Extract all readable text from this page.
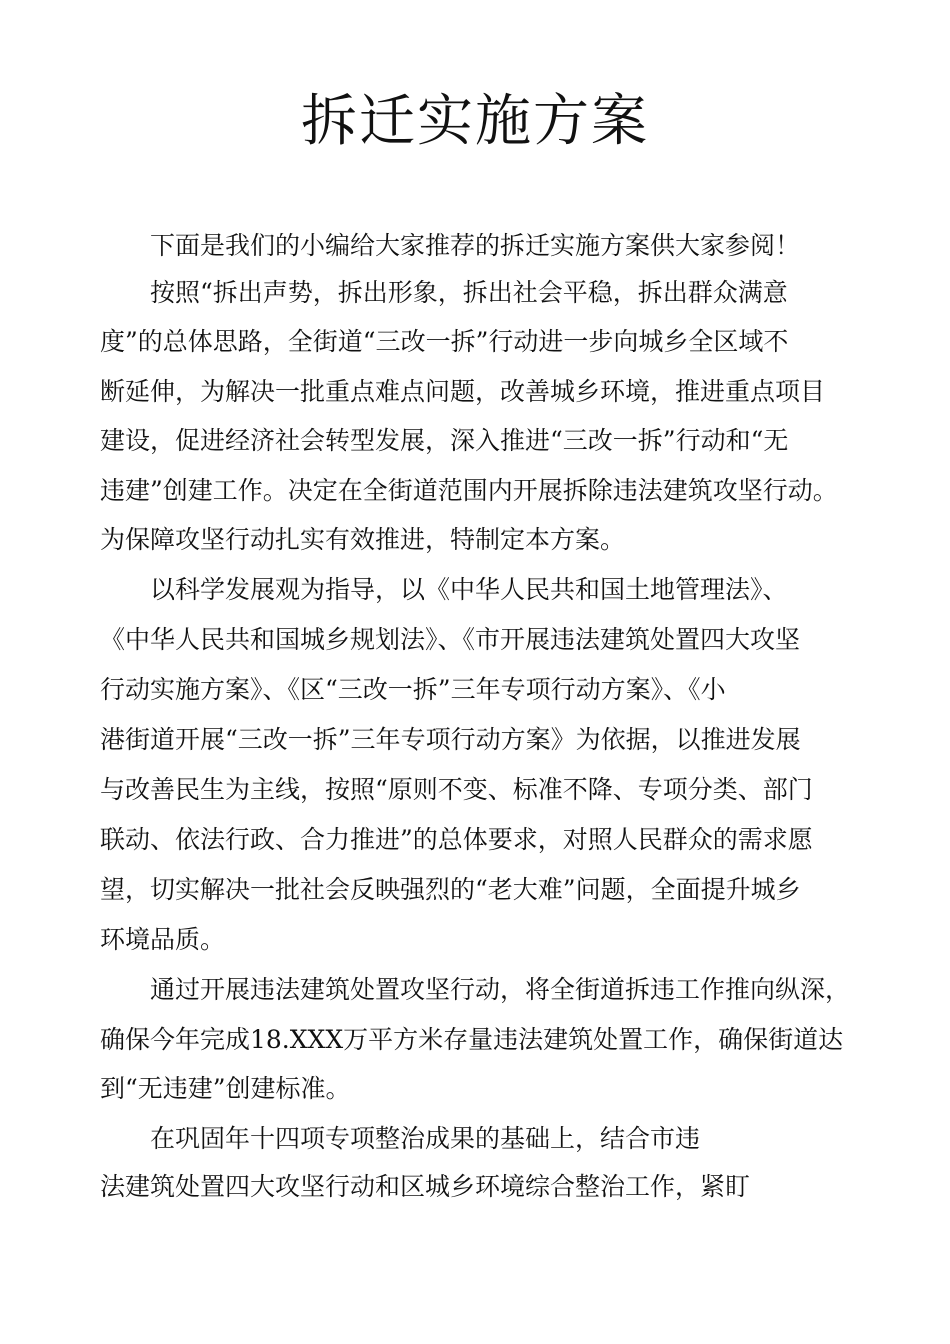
拆迁实施方案

下面是我们的小编给大家推荐的拆迁实施方案供大家参阅！

按照“拆出声势，拆出形象，拆出社会平稳，拆出群众满意

度”的总体思路，全街道“三改一拆”行动进一步向城乡全区域不

断延伸，为解决一批重点难点问题，改善城乡环境，推进重点项目

建设，促进经济社会转型发展，深入推进“三改一拆”行动和“无

违建”创建工作。决定在全街道范围内开展拆除违法建筑攻坚行动。

为保障攻坚行动扎实有效推进，特制定本方案。

以科学发展观为指导，以《中华人民共和国土地管理法》、

《中华人民共和国城乡规划法》、《市开展违法建筑处置四大攻坚

行动实施方案》、《区“三改一拆”三年专项行动方案》、《小

港街道开展“三改一拆”三年专项行动方案》为依据，以推进发展

与改善民生为主线，按照“原则不变、标准不降、专项分类、部门

联动、依法行政、合力推进”的总体要求，对照人民群众的需求愿

望，切实解决一批社会反映强烈的“老大难”问题，全面提升城乡

环境品质。

通过开展违法建筑处置攻坚行动，将全街道拆违工作推向纵深，

确保今年完成18.XXX万平方米存量违法建筑处置工作，确保街道达

到“无违建”创建标准。

在巩固年十四项专项整治成果的基础上，结合市违

法建筑处置四大攻坚行动和区城乡环境综合整治工作，紧盯
